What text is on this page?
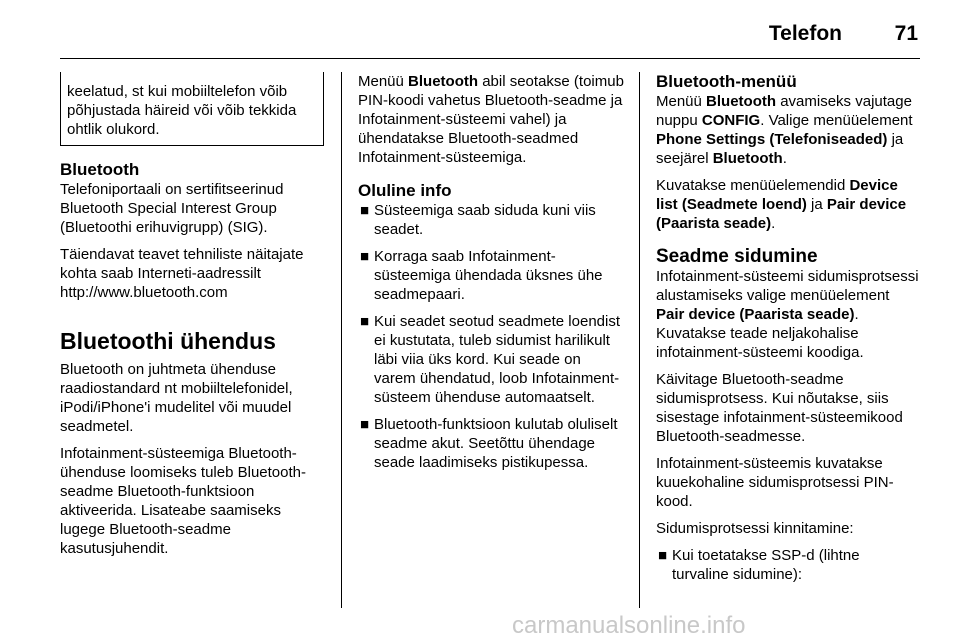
Telefon	71
keelatud, st kui mobiiltelefon võib põhjustada häireid või võib tekkida ohtlik olukord.
Bluetooth

Telefoniportaali on sertifitseerinud Bluetooth Special Interest Group (Bluetoothi erihuvigrupp) (SIG).

Täiendavat teavet tehniliste näitajate kohta saab Interneti-aadressilt http://www.bluetooth.com

Bluetoothi ühendus

Bluetooth on juhtmeta ühenduse raadiostandard nt mobiiltelefonidel, iPodi/iPhone'i mudelitel või muudel seadmetel.

Infotainment-süsteemiga Bluetooth-ühenduse loomiseks tuleb Bluetooth-seadme Bluetooth-funktsioon aktiveerida. Lisateabe saamiseks lugege Bluetooth-seadme kasutusjuhendit.

Menüü Bluetooth abil seotakse (toimub PIN-koodi vahetus Bluetooth-seadme ja Infotainment-süsteemi vahel) ja ühendatakse Bluetooth-seadmed Infotainment-süsteemiga.

Oluline info
■ Süsteemiga saab siduda kuni viis seadet.
■ Korraga saab Infotainment-süsteemiga ühendada üksnes ühe seadmepaari.
■ Kui seadet seotud seadmete loendist ei kustutata, tuleb sidumist harilikult läbi viia üks kord. Kui seade on varem ühendatud, loob Infotainment-süsteem ühenduse automaatselt.
■ Bluetooth-funktsioon kulutab oluliselt seadme akut. Seetõttu ühendage seade laadimiseks pistikupessa.
Bluetooth-menüü

Menüü Bluetooth avamiseks vajutage nuppu CONFIG. Valige menüüelement Phone Settings (Telefoniseaded) ja seejärel Bluetooth.

Kuvatakse menüüelemendid Device list (Seadmete loend) ja Pair device (Paarista seade).

Seadme sidumine

Infotainment-süsteemi sidumisprotsessi alustamiseks valige menüüelement Pair device (Paarista seade). Kuvatakse teade neljakohalise infotainment-süsteemi koodiga.

Käivitage Bluetooth-seadme sidumisprotsess. Kui nõutakse, siis sisestage infotainment-süsteemikood Bluetooth-seadmesse.

Infotainment-süsteemis kuvatakse kuuekohaline sidumisprotsessi PIN-kood.

Sidumisprotsessi kinnitamine:

■ Kui toetatakse SSP-d (lihtne turvaline sidumine):
carmanualsonline.info
